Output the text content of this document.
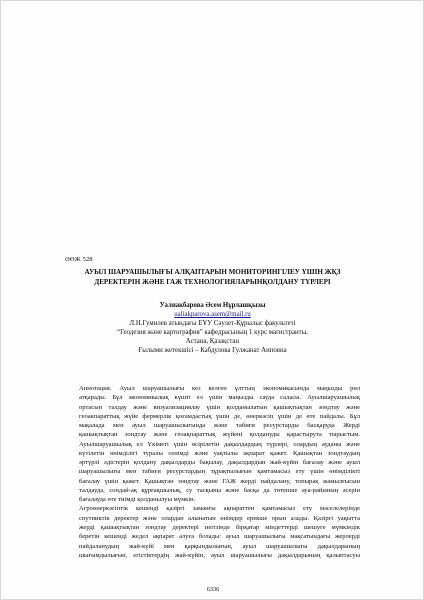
ӘӨЖ 528
АУЫЛ ШАРУАШЫЛЫҒЫ АЛҚАПТАРЫН МОНИТОРИНГІЛЕУ ҮШІН ЖҚЗ
ДЕРЕКТЕРІН ЖӘНЕ ГАЖ ТЕХНОЛОГИЯЛАРЫНҚОЛДАНУ ТҮРЛЕРІ
Уалиакбарова Әсем Нұрлашқызы
ualiakparova.asem@mail.ru
Л.Н.Гумилев атындағы ЕҰУ Сәулет-Құрылыс факультеті
“Геодезия және картография” кафедрасының 1 курс магистранты,
Астана, Қазақстан
Ғылыми жетекшісі – Кабдулова Гулжанат Аиповна

Аннотация. Ауыл шаруашылығы кез келген ұлттың экономикасында маңызды рөл
атқарады. Бұл экономикалық күшті ел үшін маңызды сауда саласы. Ауылшаруашылық
ортасын талдау және визуализациялау үшін қолданылатын қашықтықтан зондтау және
геоакпараттық жүйе фермерлік қоғамдастық үшін де, өнеркәсіп үшін де өте пайдалы. Бұл
мақалада мен ауыл шаруашылығында және табиғи ресурстарды басқаруда Жерді
қашықтықтан зондтау және геоақпараттық жүйені қолдануды қарастырута тырыстым.
Ауылшаруашылық ел Үкіметі үшін өсірілетін дақылдардың түрлері, олардың ауданы және
күтілетін өнімділігі туралы сенімді және уақтылы ақпарат қажет. Қашықтан зондтаудың
әртүрлі әдістерін қолдану дақылдарды бақылау, дақылдардын жай-күйін бағалау және ауыл
шаруашылығы мен табиғи ресурстардың тұрақтылығын қамтамасыз ету үшін өнімділікті
бағалау үшін қажет. Қашықтан зондтау және ГАЖ жерді пайдалану, топырақ жамылғысын
талдауда, сондай-ақ құрғақшылық, су тасқыны және басқа да төтенше ауа-райының әсерін
бағалауда өте тиімді қолданылуы мүмкін.

Агроөнеркәсіптік кешенді қазіргі заманғы ақпараттен қамтамасыз ету мәселелерінде
спутниктік деректер және олардан алынатын өнімдер ерекше орын алады. Қазіргі уақытта
жерді қашықтықтан зондтау деректері негізінде бірқатар міндеттерді шешуге мүмкіндік
беретін кешенді жедел ақпарат алуға болады: ауыл шаруашылығы мақсатындағы жерлерді
пайдаланудың жай-күйі мен қарқындылығын, ауыл шаруашылығы дақылдарының
шығымдылығын, егістіктердің жай-күйін, ауыл шаруашылығы дақылдарының қалыптасуы

6336
